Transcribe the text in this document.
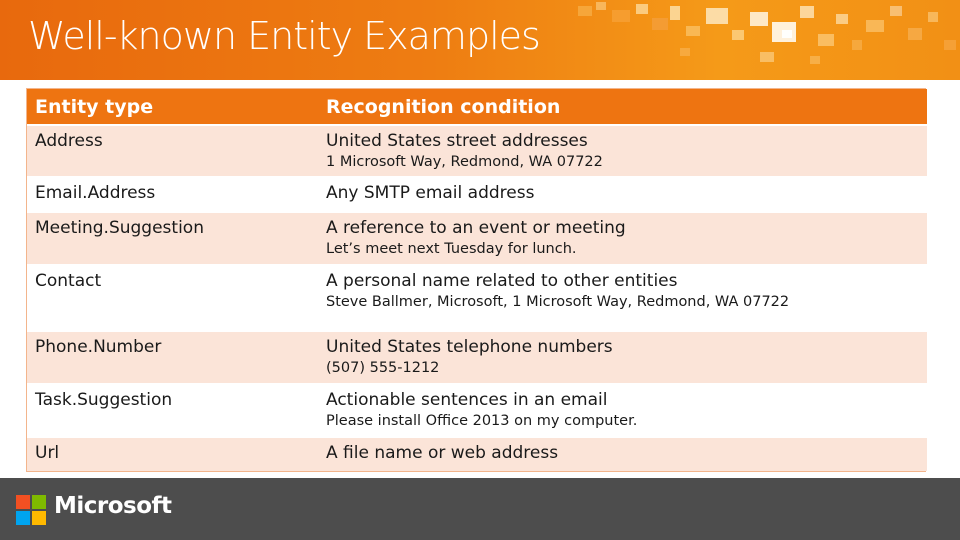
Well-known Entity Examples
Entity type	Recognition condition

Address	United States street addresses
1 Microsoft Way, Redmond, WA 07722

Email.Address	Any SMTP email address

Meeting.Suggestion	A reference to an event or meeting
Let’s meet next Tuesday for lunch.

Contact	A personal name related to other entities
Steve Ballmer, Microsoft, 1 Microsoft Way, Redmond, WA 07722

Phone.Number	United States telephone numbers
(507) 555-1212

Task.Suggestion	Actionable sentences in an email
Please install Office 2013 on my computer.

Url	A file name or web address
Microsoft
